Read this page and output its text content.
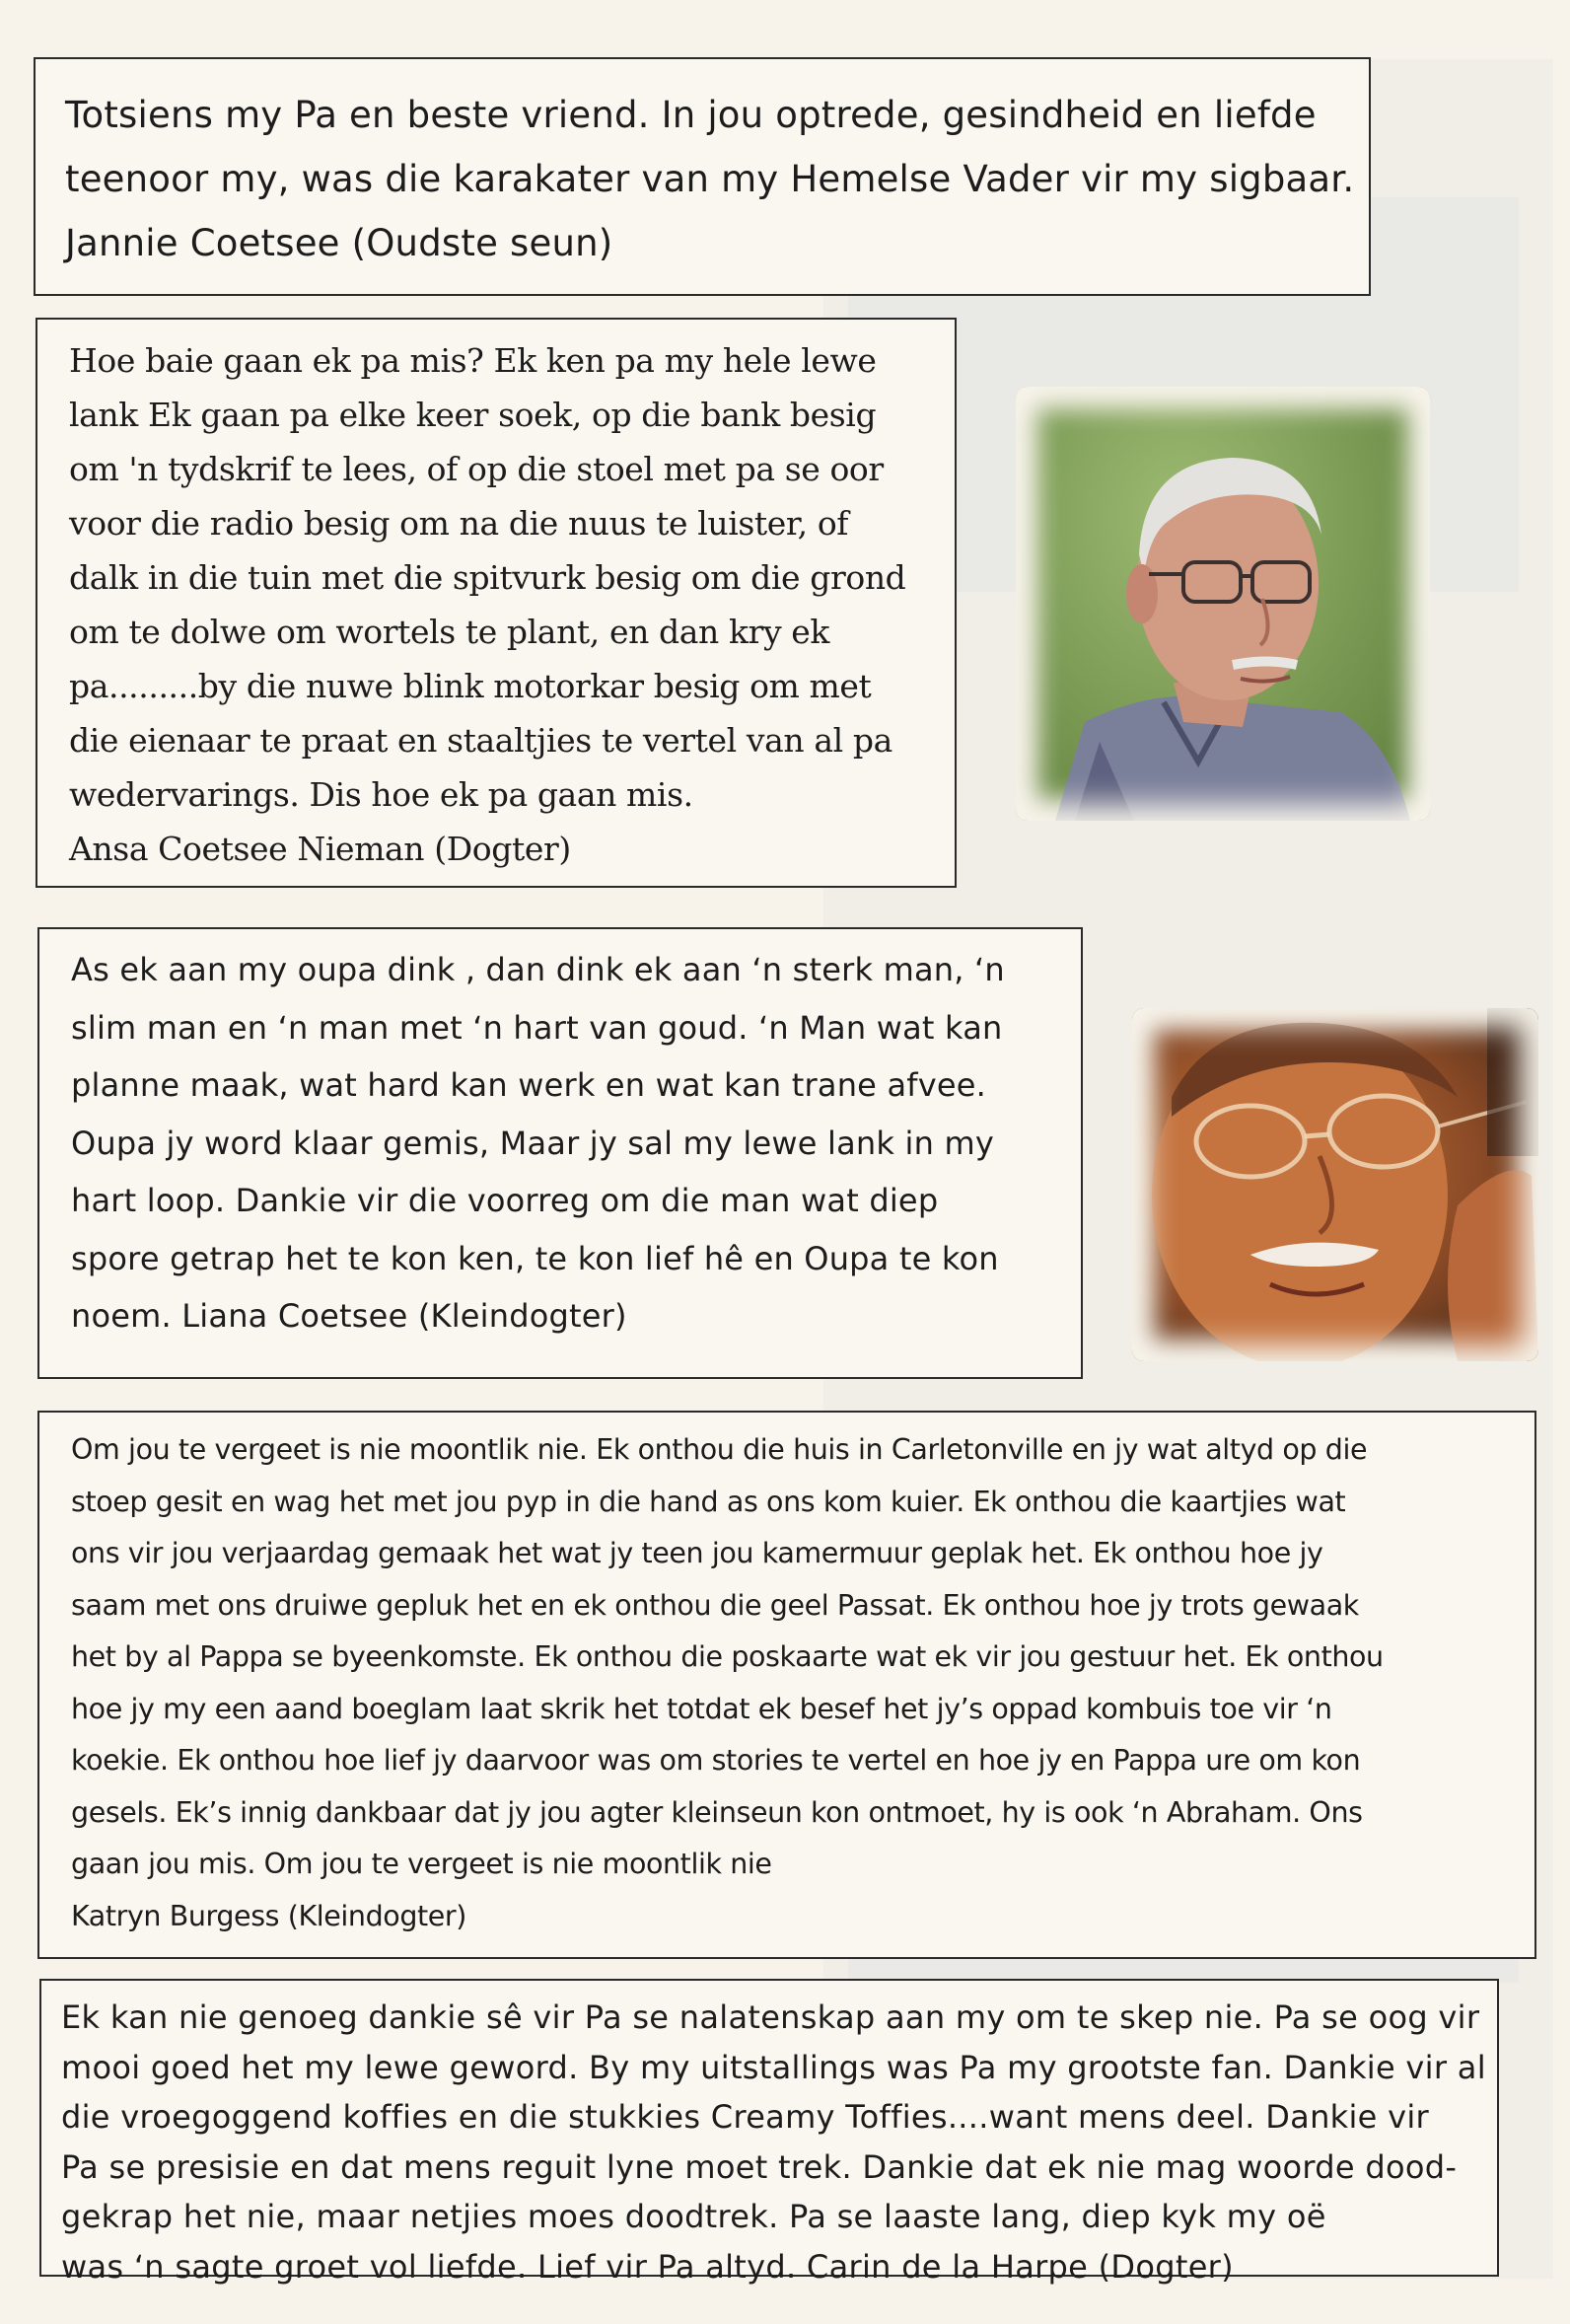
Totsiens my Pa en beste vriend. In jou optrede, gesindheid en liefde
teenoor my, was die karakater van my Hemelse Vader vir my sigbaar.
Jannie Coetsee (Oudste seun)

Hoe baie gaan ek pa mis? Ek ken pa my hele lewe
lank Ek gaan pa elke keer soek, op die bank besig
om 'n tydskrif te lees, of op die stoel met pa se oor
voor die radio besig om na die nuus te luister, of
dalk in die tuin met die spitvurk besig om die grond
om te dolwe om wortels te plant, en dan kry ek
pa.........by die nuwe blink motorkar besig om met
die eienaar te praat en staaltjies te vertel van al pa
wedervarings. Dis hoe ek pa gaan mis.
Ansa Coetsee Nieman (Dogter)

As ek aan my oupa dink , dan dink ek aan ‘n sterk man, ‘n
slim man en ‘n man met ‘n hart van goud. ‘n Man wat kan
planne maak, wat hard kan werk en wat kan trane afvee.
Oupa jy word klaar gemis, Maar jy sal my lewe lank in my
hart loop. Dankie vir die voorreg om die man wat diep
spore getrap het te kon ken, te kon lief hê en Oupa te kon
noem. Liana Coetsee (Kleindogter)

Om jou te vergeet is nie moontlik nie. Ek onthou die huis in Carletonville en jy wat altyd op die
stoep gesit en wag het met jou pyp in die hand as ons kom kuier. Ek onthou die kaartjies wat
ons vir jou verjaardag gemaak het wat jy teen jou kamermuur geplak het. Ek onthou hoe jy
saam met ons druiwe gepluk het en ek onthou die geel Passat. Ek onthou hoe jy trots gewaak
het by al Pappa se byeenkomste. Ek onthou die poskaarte wat ek vir jou gestuur het. Ek onthou
hoe jy my een aand boeglam laat skrik het totdat ek besef het jy’s oppad kombuis toe vir ‘n
koekie. Ek onthou hoe lief jy daarvoor was om stories te vertel en hoe jy en Pappa ure om kon
gesels. Ek’s innig dankbaar dat jy jou agter kleinseun kon ontmoet, hy is ook ‘n Abraham. Ons
gaan jou mis. Om jou te vergeet is nie moontlik nie
Katryn Burgess (Kleindogter)

Ek kan nie genoeg dankie sê vir Pa se nalatenskap aan my om te skep nie. Pa se oog vir
mooi goed het my lewe geword. By my uitstallings was Pa my grootste fan. Dankie vir al
die vroegoggend koffies en die stukkies Creamy Toffies....want mens deel. Dankie vir
Pa se presisie en dat mens reguit lyne moet trek. Dankie dat ek nie mag woorde dood-
gekrap het nie, maar netjies moes doodtrek. Pa se laaste lang, diep kyk my oë
was ‘n sagte groet vol liefde. Lief vir Pa altyd. Carin de la Harpe (Dogter)
